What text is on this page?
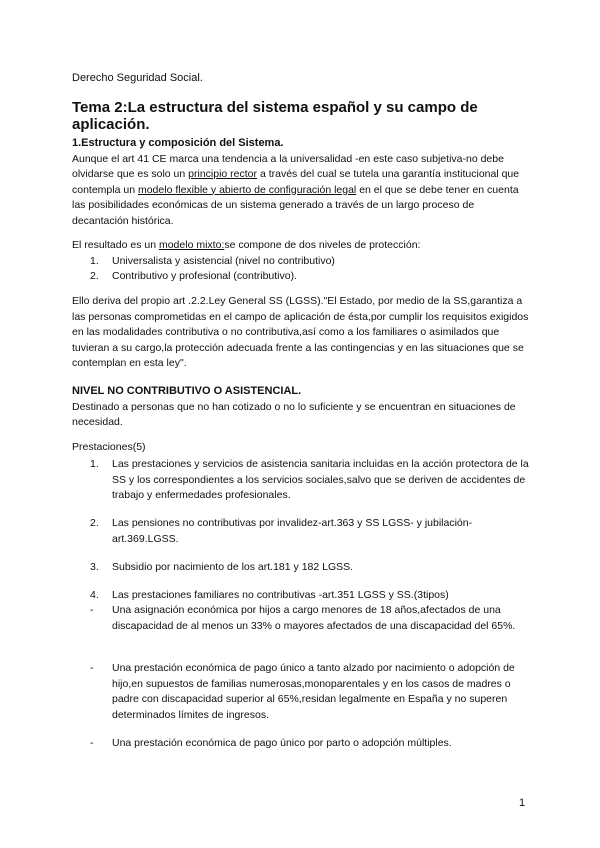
Derecho Seguridad Social.
Tema 2:La estructura del sistema español y su campo de aplicación.
1.Estructura y composición del Sistema.
Aunque el art 41 CE marca una tendencia a la universalidad -en este caso subjetiva-no debe olvidarse que es solo un principio rector a través del cual se tutela una garantía institucional que contempla un modelo flexible y abierto de configuración legal en el que se debe tener en cuenta las posibilidades económicas de un sistema generado a través de un largo proceso de decantación histórica.
El resultado es un modelo mixto:se compone de dos niveles de protección:
1. Universalista y asistencial (nivel no contributivo)
2. Contributivo y profesional (contributivo).
Ello deriva del propio art .2.2.Ley General SS (LGSS)."El Estado, por medio de la SS,garantiza a las personas comprometidas en el campo de aplicación de ésta,por cumplir los requisitos exigidos en las modalidades contributiva o no contributiva,así como a los familiares o asimilados que tuvieran a su cargo,la protección adecuada frente a las contingencias y en las situaciones que se contemplan en esta ley".
NIVEL NO CONTRIBUTIVO O ASISTENCIAL.
Destinado a personas que no han cotizado o no lo suficiente y se encuentran en situaciones de necesidad.
Prestaciones(5)
1. Las prestaciones y servicios de asistencia sanitaria incluidas en la acción protectora de la SS y los correspondientes a los servicios sociales,salvo que se deriven de accidentes de trabajo y enfermedades profesionales.
2. Las pensiones no contributivas por invalidez-art.363 y SS LGSS- y jubilación-art.369.LGSS.
3. Subsidio por nacimiento de los art.181 y 182 LGSS.
4. Las prestaciones familiares no contributivas -art.351 LGSS y SS.(3tipos)
- Una asignación económica por hijos a cargo menores de 18 años,afectados de una discapacidad de al menos un 33% o mayores afectados de una discapacidad del 65%.
- Una prestación económica de pago único a tanto alzado por nacimiento o adopción de hijo,en supuestos de familias numerosas,monoparentales y en los casos de madres o padre con discapacidad superior al 65%,residan legalmente en España y no superen determinados límites de ingresos.
- Una prestación económica de pago único por parto o adopción múltiples.
1
